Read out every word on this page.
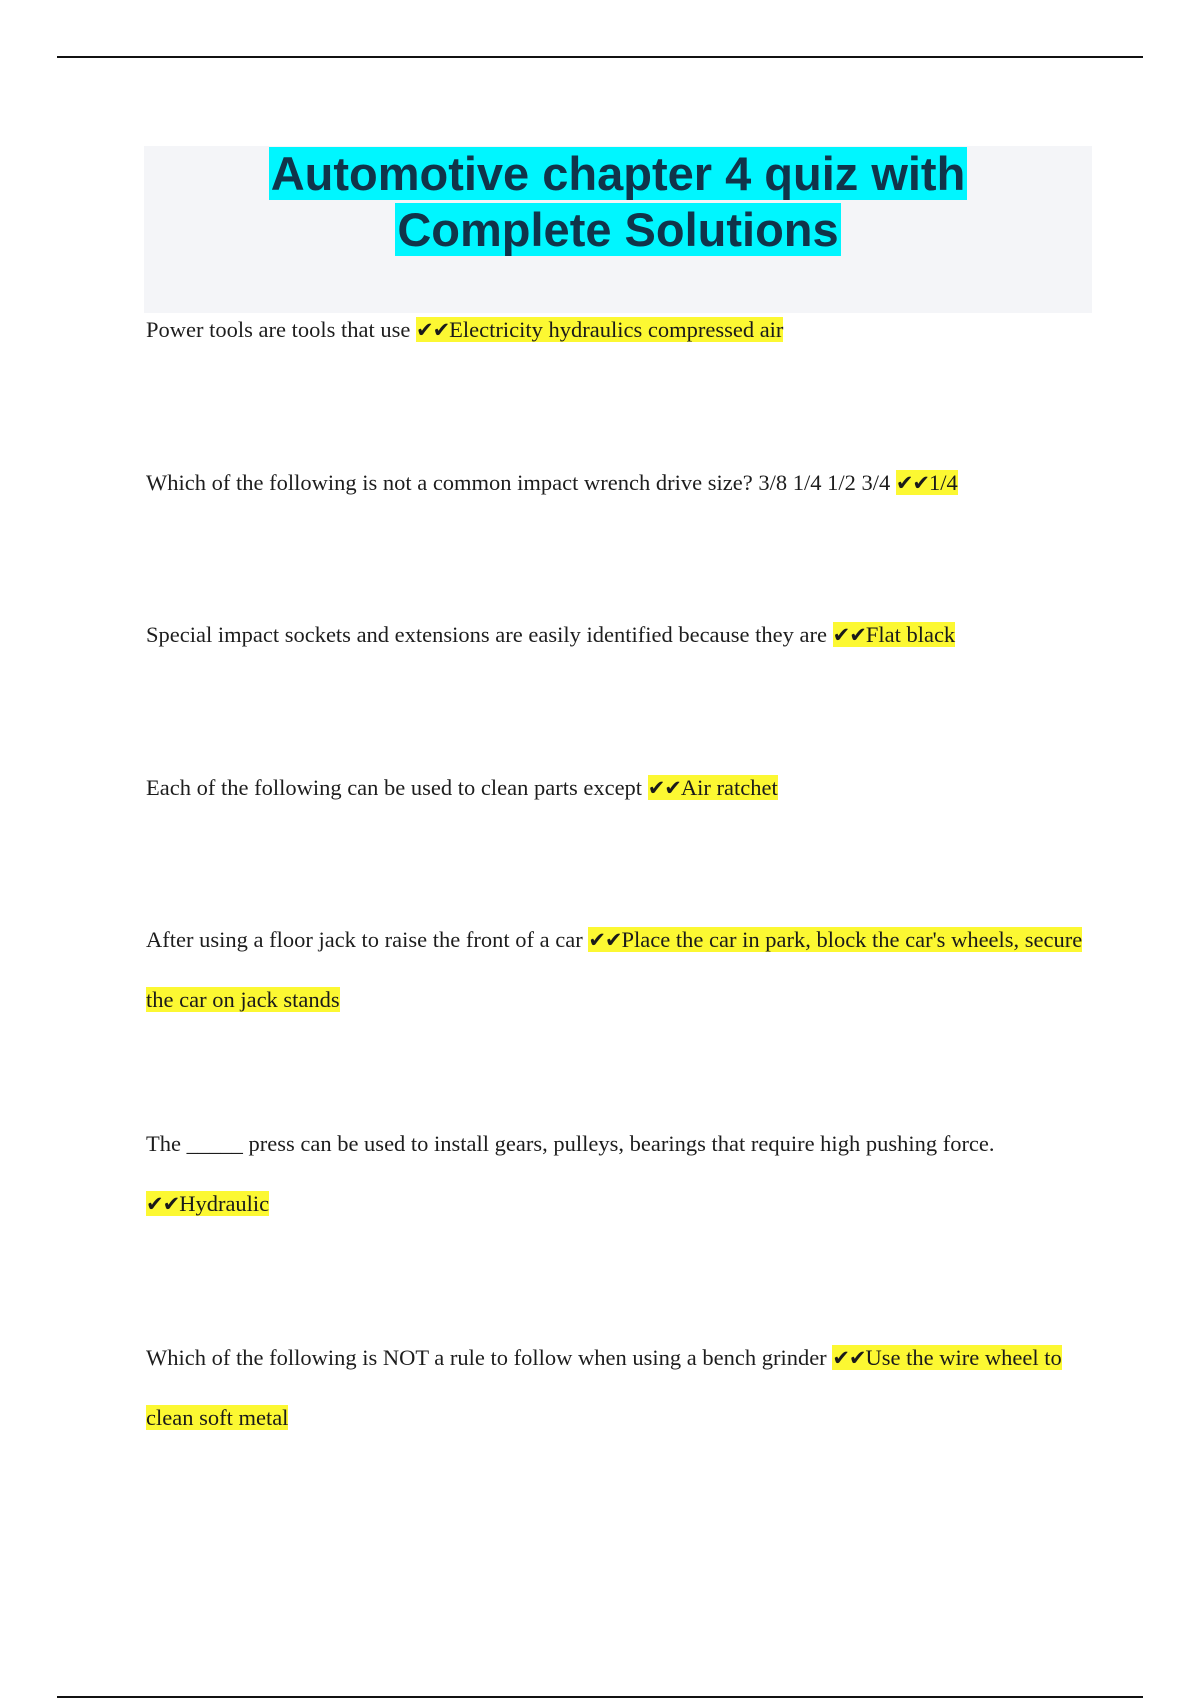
Automotive chapter 4 quiz with
Complete Solutions
Power tools are tools that use ✔✔Electricity hydraulics compressed air
Which of the following is not a common impact wrench drive size? 3/8 1/4 1/2 3/4 ✔✔1/4
Special impact sockets and extensions are easily identified because they are ✔✔Flat black
Each of the following can be used to clean parts except ✔✔Air ratchet
After using a floor jack to raise the front of a car ✔✔Place the car in park, block the car's wheels, secure the car on jack stands
The _____ press can be used to install gears, pulleys, bearings that require high pushing force. ✔✔Hydraulic
Which of the following is NOT a rule to follow when using a bench grinder ✔✔Use the wire wheel to clean soft metal
